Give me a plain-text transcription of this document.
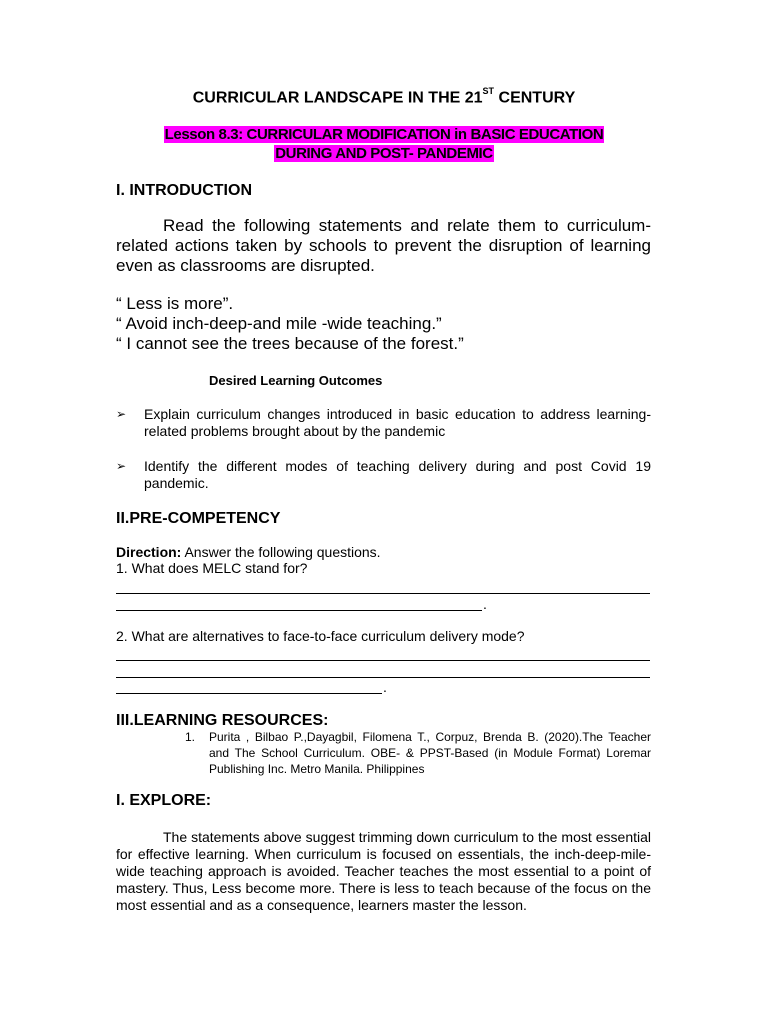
CURRICULAR LANDSCAPE IN THE 21ST CENTURY
Lesson 8.3: CURRICULAR MODIFICATION in BASIC EDUCATION
DURING AND POST- PANDEMIC
I. INTRODUCTION
Read the following statements and relate them to curriculum-related actions taken by schools to prevent the disruption of learning even as classrooms are disrupted.
“ Less is more”.
“ Avoid inch-deep-and mile -wide teaching.”
“ I cannot see the trees because of the forest.”
Desired Learning Outcomes
➢ Explain curriculum changes introduced in basic education to address learning-related problems brought about by the pandemic
➢ Identify the different modes of teaching delivery during and post Covid 19 pandemic.
II.PRE-COMPETENCY
Direction: Answer the following questions.
1. What does MELC stand for?
.
2. What are alternatives to face-to-face curriculum delivery mode?
.
III.LEARNING RESOURCES:
1. Purita , Bilbao P.,Dayagbil, Filomena T., Corpuz, Brenda B. (2020).The Teacher and The School Curriculum. OBE- & PPST-Based (in Module Format) Loremar Publishing Inc. Metro Manila. Philippines
I. EXPLORE:
The statements above suggest trimming down curriculum to the most essential for effective learning. When curriculum is focused on essentials, the inch-deep-mile-wide teaching approach is avoided. Teacher teaches the most essential to a point of mastery. Thus, Less become more. There is less to teach because of the focus on the most essential and as a consequence, learners master the lesson.
